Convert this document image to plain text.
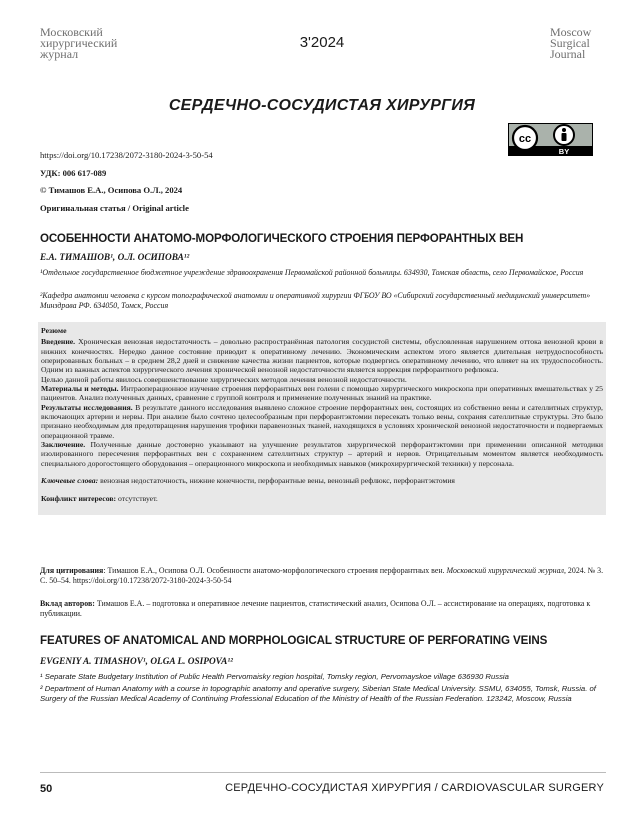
Московский
хирургический
журнал
3'2024
Moscow
Surgical
Journal
СЕРДЕЧНО-СОСУДИСТАЯ ХИРУРГИЯ
cc
BY
https://doi.org/10.17238/2072-3180-2024-3-50-54
УДК: 006 617-089
© Тимашов Е.А., Осипова О.Л., 2024
Оригинальная статья / Original article
ОСОБЕННОСТИ АНАТОМО-МОРФОЛОГИЧЕСКОГО СТРОЕНИЯ ПЕРФОРАНТНЫХ ВЕН
Е.А. ТИМАШОВ¹, О.Л. ОСИПОВА¹²
¹Отдельное государственное бюджетное учреждение здравоохранения Первомайской районной больницы. 634930, Томская область, село Первомайское, Россия
²Кафедра анатомии человека с курсом топографической анатомии и оперативной хирургии ФГБОУ ВО «Сибирский государственный медицинский университет» Минздрава РФ. 634050, Томск, Россия

Резюме

Введение. Хроническая венозная недостаточность – довольно распространённая патология сосудистой системы, обусловленная нарушением оттока венозной крови в нижних конечностях. Нередко данное состояние приводит к оперативному лечению. Экономическим аспектом этого является длительная нетрудоспособность оперированных больных – в среднем 28,2 дней и снижение качества жизни пациентов, которые подвергись оперативному лечению, что влияет на их трудоспособность. Одним из важных аспектов хирургического лечения хронической венозной недостаточности является коррекция перфорантного рефлюкса.

Целью данной работы явилось совершенствование хирургических методов лечения венозной недостаточности.

Материалы и методы. Интраоперационное изучение строения перфорантных вен голени с помощью хирургического микроскопа при оперативных вмешательствах у 25 пациентов. Анализ полученных данных, сравнение с группой контроля и применение полученных знаний на практике.

Результаты исследования. В результате данного исследования выявлено сложное строение перфорантных вен, состоящих из собственно вены и сателлитных структур, включающих артерии и нервы. При анализе было сочтено целесообразным при перфорантэктомии пересекать только вены, сохраняя сателлитные структуры. Это было признано необходимым для предотвращения нарушения трофики паравенозных тканей, находящихся в условиях хронической венозной недостаточности и подвергаемых операционной травме.

Заключение. Полученные данные достоверно указывают на улучшение результатов хирургической перфорантэктомии при применении описанной методики изолированного пересечения перфорантных вен с сохранением сателлитных структур – артерий и нервов. Отрицательным моментом является необходимость специального дорогостоящего оборудования – операционного микроскопа и необходимых навыков (микрохирургической техники) у персонала.

Ключевые слова: венозная недостаточность, нижние конечности, перфорантные вены, венозный рефлюкс, перфорантэктомия

Конфликт интересов: отсутствует.

Для цитирования: Тимашов Е.А., Осипова О.Л. Особенности анатомо-морфологического строения перфорантных вен. Московский хирургический журнал, 2024. № 3. С. 50–54. https://doi.org/10.17238/2072-3180-2024-3-50-54
Вклад авторов: Тимашов Е.А. – подготовка и оперативное лечение пациентов, статистический анализ, Осипова О.Л. – ассистирование на операциях, подготовка к публикации.
FEATURES OF ANATOMICAL AND MORPHOLOGICAL STRUCTURE OF PERFORATING VEINS
EVGENIY A. TIMASHOV¹, OLGA L. OSIPOVA¹²
¹ Separate State Budgetary Institution of Public Health Pervomaisky region hospital, Tomsky region, Pervomayskoe village 636930 Russia
² Department of Human Anatomy with a course in topographic anatomy and operative surgery, Siberian State Medical University. SSMU, 634055, Tomsk, Russia. of Surgery of the Russian Medical Academy of Continuing Professional Education of the Ministry of Health of the Russian Federation. 123242, Moscow, Russia
50	СЕРДЕЧНО-СОСУДИСТАЯ ХИРУРГИЯ / CARDIOVASCULAR SURGERY
